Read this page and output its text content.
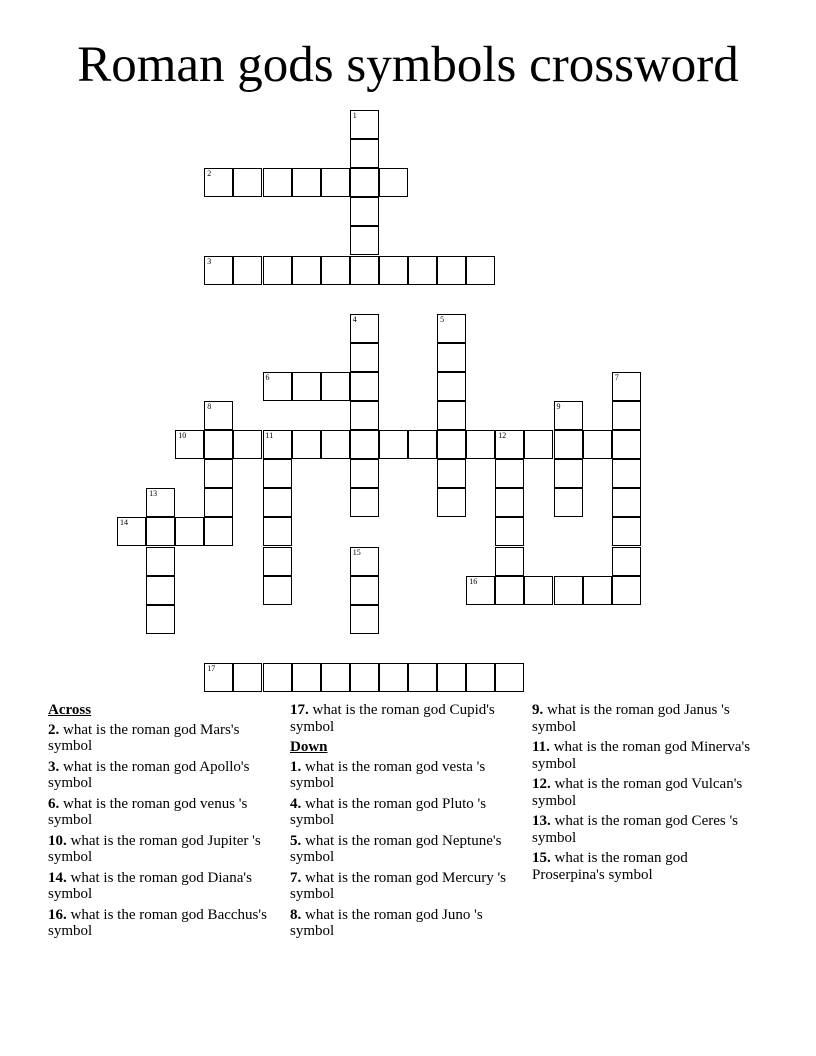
Roman gods symbols crossword
1
2
3
4	5
6	7
8	9
10	11	12
13
14
15
16
17
Across
2. what is the roman god Mars's symbol
3. what is the roman god Apollo's symbol
6. what is the roman god venus 's symbol
10. what is the roman god Jupiter 's symbol
14. what is the roman god Diana's symbol
16. what is the roman god Bacchus's symbol
17. what is the roman god Cupid's symbol
Down
1. what is the roman god vesta 's symbol
4. what is the roman god Pluto 's symbol
5. what is the roman god Neptune's symbol
7. what is the roman god Mercury 's symbol
8. what is the roman god Juno 's symbol
9. what is the roman god Janus 's symbol
11. what is the roman god Minerva's symbol
12. what is the roman god Vulcan's symbol
13. what is the roman god Ceres 's symbol
15. what is the roman god Proserpina's symbol
